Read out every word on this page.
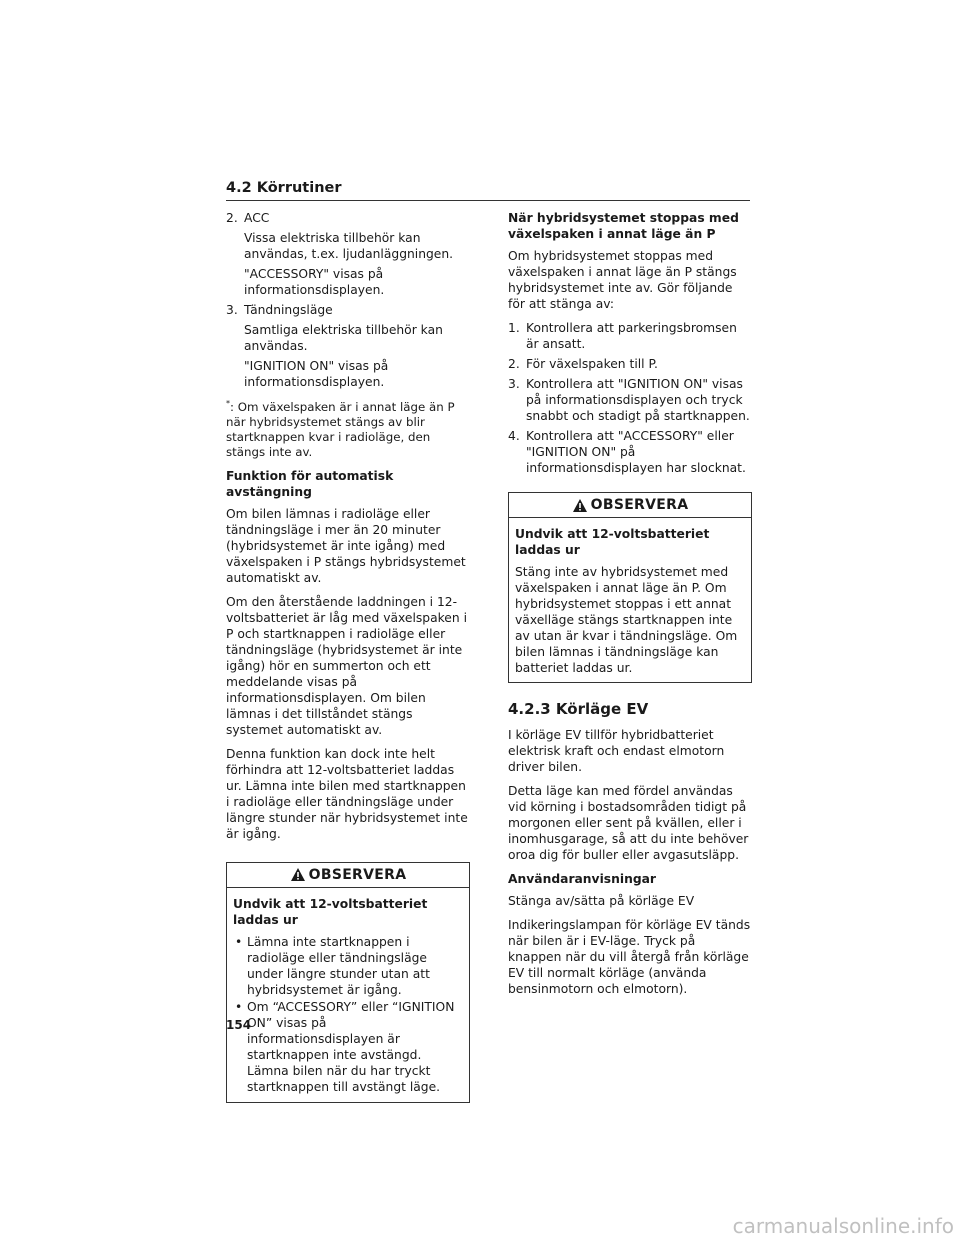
4.2 Körrutiner
2. ACC

Vissa elektriska tillbehör kan användas, t.ex. ljudanläggningen.

"ACCESSORY" visas på informationsdisplayen.

3. Tändningsläge

Samtliga elektriska tillbehör kan användas.

"IGNITION ON" visas på informationsdisplayen.

*: Om växelspaken är i annat läge än P när hybridsystemet stängs av blir startknappen kvar i radioläge, den stängs inte av.
Funktion för automatisk avstängning

Om bilen lämnas i radioläge eller tändningsläge i mer än 20 minuter (hybridsystemet är inte igång) med växelspaken i P stängs hybridsystemet automatiskt av.

Om den återstående laddningen i 12-voltsbatteriet är låg med växelspaken i P och startknappen i radioläge eller tändningsläge (hybridsystemet är inte igång) hör en summerton och ett meddelande visas på informationsdisplayen. Om bilen lämnas i det tillståndet stängs systemet automatiskt av.

Denna funktion kan dock inte helt förhindra att 12-voltsbatteriet laddas ur. Lämna inte bilen med startknappen i radioläge eller tändningsläge under längre stunder när hybridsystemet inte är igång.

OBSERVERA
Undvik att 12-voltsbatteriet laddas ur
• Lämna inte startknappen i radioläge eller tändningsläge under längre stunder utan att hybridsystemet är igång.
• Om “ACCESSORY” eller “IGNITION ON” visas på informationsdisplayen är startknappen inte avstängd. Lämna bilen när du har tryckt startknappen till avstängt läge.
När hybridsystemet stoppas med växelspaken i annat läge än P

Om hybridsystemet stoppas med växelspaken i annat läge än P stängs hybridsystemet inte av. Gör följande för att stänga av:

1. Kontrollera att parkeringsbromsen är ansatt.
2. För växelspaken till P.
3. Kontrollera att "IGNITION ON" visas på informationsdisplayen och tryck snabbt och stadigt på startknappen.
4. Kontrollera att "ACCESSORY" eller "IGNITION ON" på informationsdisplayen har slocknat.
OBSERVERA
Undvik att 12-voltsbatteriet laddas ur
Stäng inte av hybridsystemet med växelspaken i annat läge än P. Om hybridsystemet stoppas i ett annat växelläge stängs startknappen inte av utan är kvar i tändningsläge. Om bilen lämnas i tändningsläge kan batteriet laddas ur.
4.2.3 Körläge EV

I körläge EV tillför hybridbatteriet elektrisk kraft och endast elmotorn driver bilen.

Detta läge kan med fördel användas vid körning i bostadsområden tidigt på morgonen eller sent på kvällen, eller i inomhusgarage, så att du inte behöver oroa dig för buller eller avgasutsläpp.

Användaranvisningar

Stänga av/sätta på körläge EV

Indikeringslampan för körläge EV tänds när bilen är i EV-läge. Tryck på knappen när du vill återgå från körläge EV till normalt körläge (använda bensinmotorn och elmotorn).

154
carmanualsonline.info
